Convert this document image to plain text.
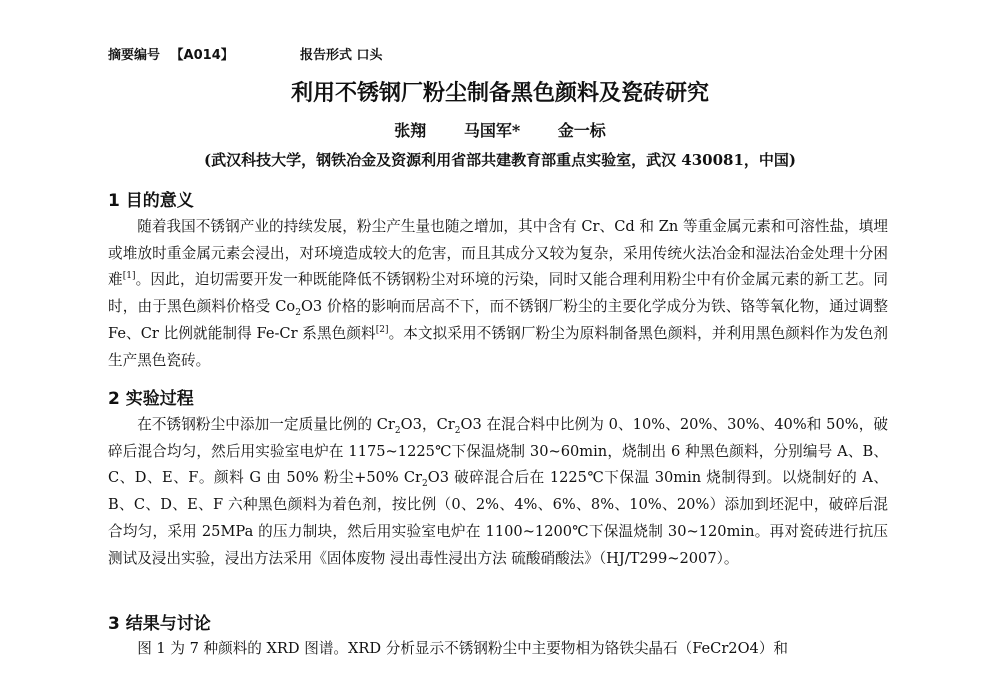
摘要编号 【A014】	报告形式 口头
利用不锈钢厂粉尘制备黑色颜料及瓷砖研究
张翔 马国军* 金一标
(武汉科技大学，钢铁冶金及资源利用省部共建教育部重点实验室，武汉 430081，中国)
1 目的意义

随着我国不锈钢产业的持续发展，粉尘产生量也随之增加，其中含有 Cr、Cd 和 Zn 等重金属元素和可溶性盐，填埋或堆放时重金属元素会浸出，对环境造成较大的危害，而且其成分又较为复杂，采用传统火法冶金和湿法冶金处理十分困难[1]。因此，迫切需要开发一种既能降低不锈钢粉尘对环境的污染，同时又能合理利用粉尘中有价金属元素的新工艺。同时，由于黑色颜料价格受 $Co_2O3$ 价格的影响而居高不下，而不锈钢厂粉尘的主要化学成分为铁、铬等氧化物，通过调整 Fe、Cr 比例就能制得 Fe-Cr 系黑色颜料[2]。本文拟采用不锈钢厂粉尘为原料制备黑色颜料，并利用黑色颜料作为发色剂生产黑色瓷砖。

2 实验过程

在不锈钢粉尘中添加一定质量比例的 $Cr_2O3$，$Cr_2O3$ 在混合料中比例为 0、10%、20%、30%、40%和 50%，破碎后混合均匀，然后用实验室电炉在 1175~1225℃下保温烧制 30~60min，烧制出 6 种黑色颜料，分别编号 A、B、C、D、E、F。颜料 G 由 50% 粉尘+50% $Cr_2O3$ 破碎混合后在 1225℃下保温 30min 烧制得到。以烧制好的 A、B、C、D、E、F 六种黑色颜料为着色剂，按比例（0、2%、4%、6%、8%、10%、20%）添加到坯泥中，破碎后混合均匀，采用 25MPa 的压力制块，然后用实验室电炉在 1100~1200℃下保温烧制 30~120min。再对瓷砖进行抗压测试及浸出实验，浸出方法采用《固体废物 浸出毒性浸出方法 硫酸硝酸法》（HJ/T299~2007）。

3 结果与讨论

图 1 为 7 种颜料的 XRD 图谱。XRD 分析显示不锈钢粉尘中主要物相为铬铁尖晶石（FeCr2O4）和
